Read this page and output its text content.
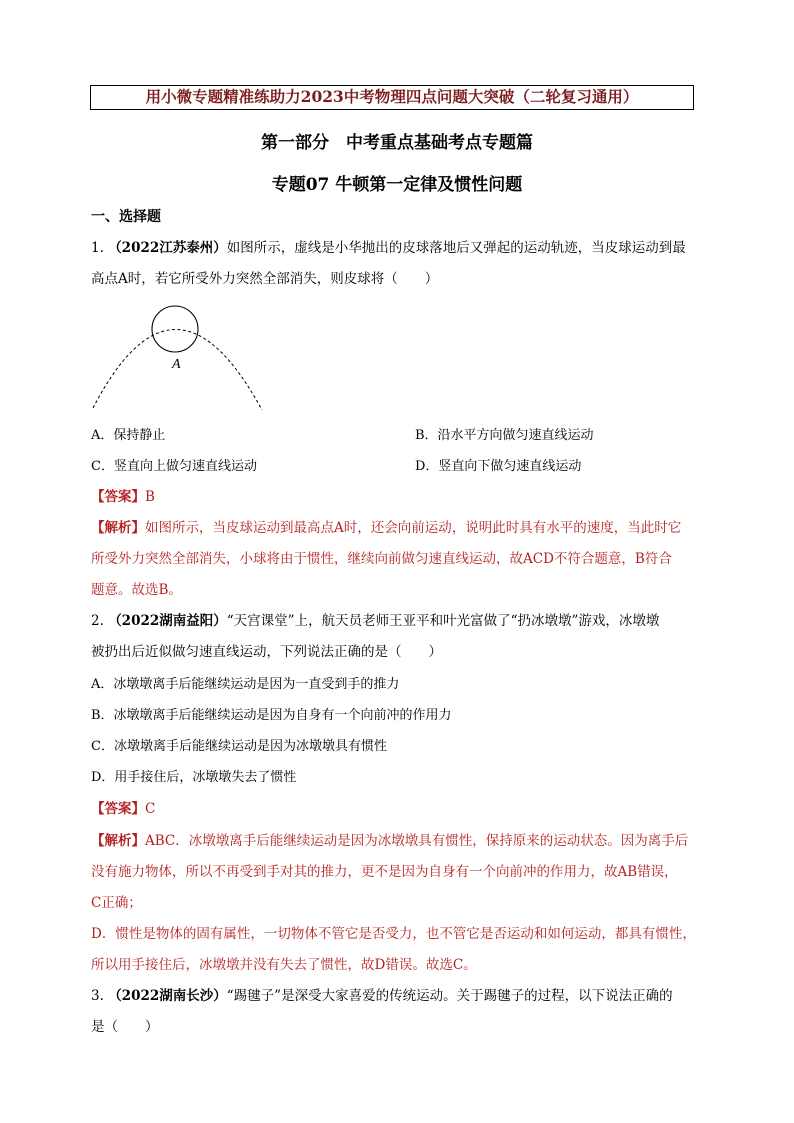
用小微专题精准练助力2023中考物理四点问题大突破（二轮复习通用）
第一部分　中考重点基础考点专题篇
专题07 牛顿第一定律及惯性问题
一、选择题
1. （2022江苏泰州）如图所示，虚线是小华抛出的皮球落地后又弹起的运动轨迹，当皮球运动到最
高点A时，若它所受外力突然全部消失，则皮球将（　　）
A
A．保持静止	B．沿水平方向做匀速直线运动
C．竖直向上做匀速直线运动	D．竖直向下做匀速直线运动
【答案】B
【解析】如图所示，当皮球运动到最高点A时，还会向前运动，说明此时具有水平的速度，当此时它
所受外力突然全部消失，小球将由于惯性，继续向前做匀速直线运动，故ACD不符合题意，B符合
题意。故选B。
2. （2022湖南益阳）“天宫课堂”上，航天员老师王亚平和叶光富做了“扔冰墩墩”游戏，冰墩墩
被扔出后近似做匀速直线运动，下列说法正确的是（　　）
A．冰墩墩离手后能继续运动是因为一直受到手的推力
B．冰墩墩离手后能继续运动是因为自身有一个向前冲的作用力
C．冰墩墩离手后能继续运动是因为冰墩墩具有惯性
D．用手接住后，冰墩墩失去了惯性
【答案】C
【解析】ABC．冰墩墩离手后能继续运动是因为冰墩墩具有惯性，保持原来的运动状态。因为离手后
没有施力物体，所以不再受到手对其的推力，更不是因为自身有一个向前冲的作用力，故AB错误，
C正确；
D．惯性是物体的固有属性，一切物体不管它是否受力，也不管它是否运动和如何运动，都具有惯性，
所以用手接住后，冰墩墩并没有失去了惯性，故D错误。故选C。
3. （2022湖南长沙）“踢毽子”是深受大家喜爱的传统运动。关于踢毽子的过程，以下说法正确的
是（　　）
